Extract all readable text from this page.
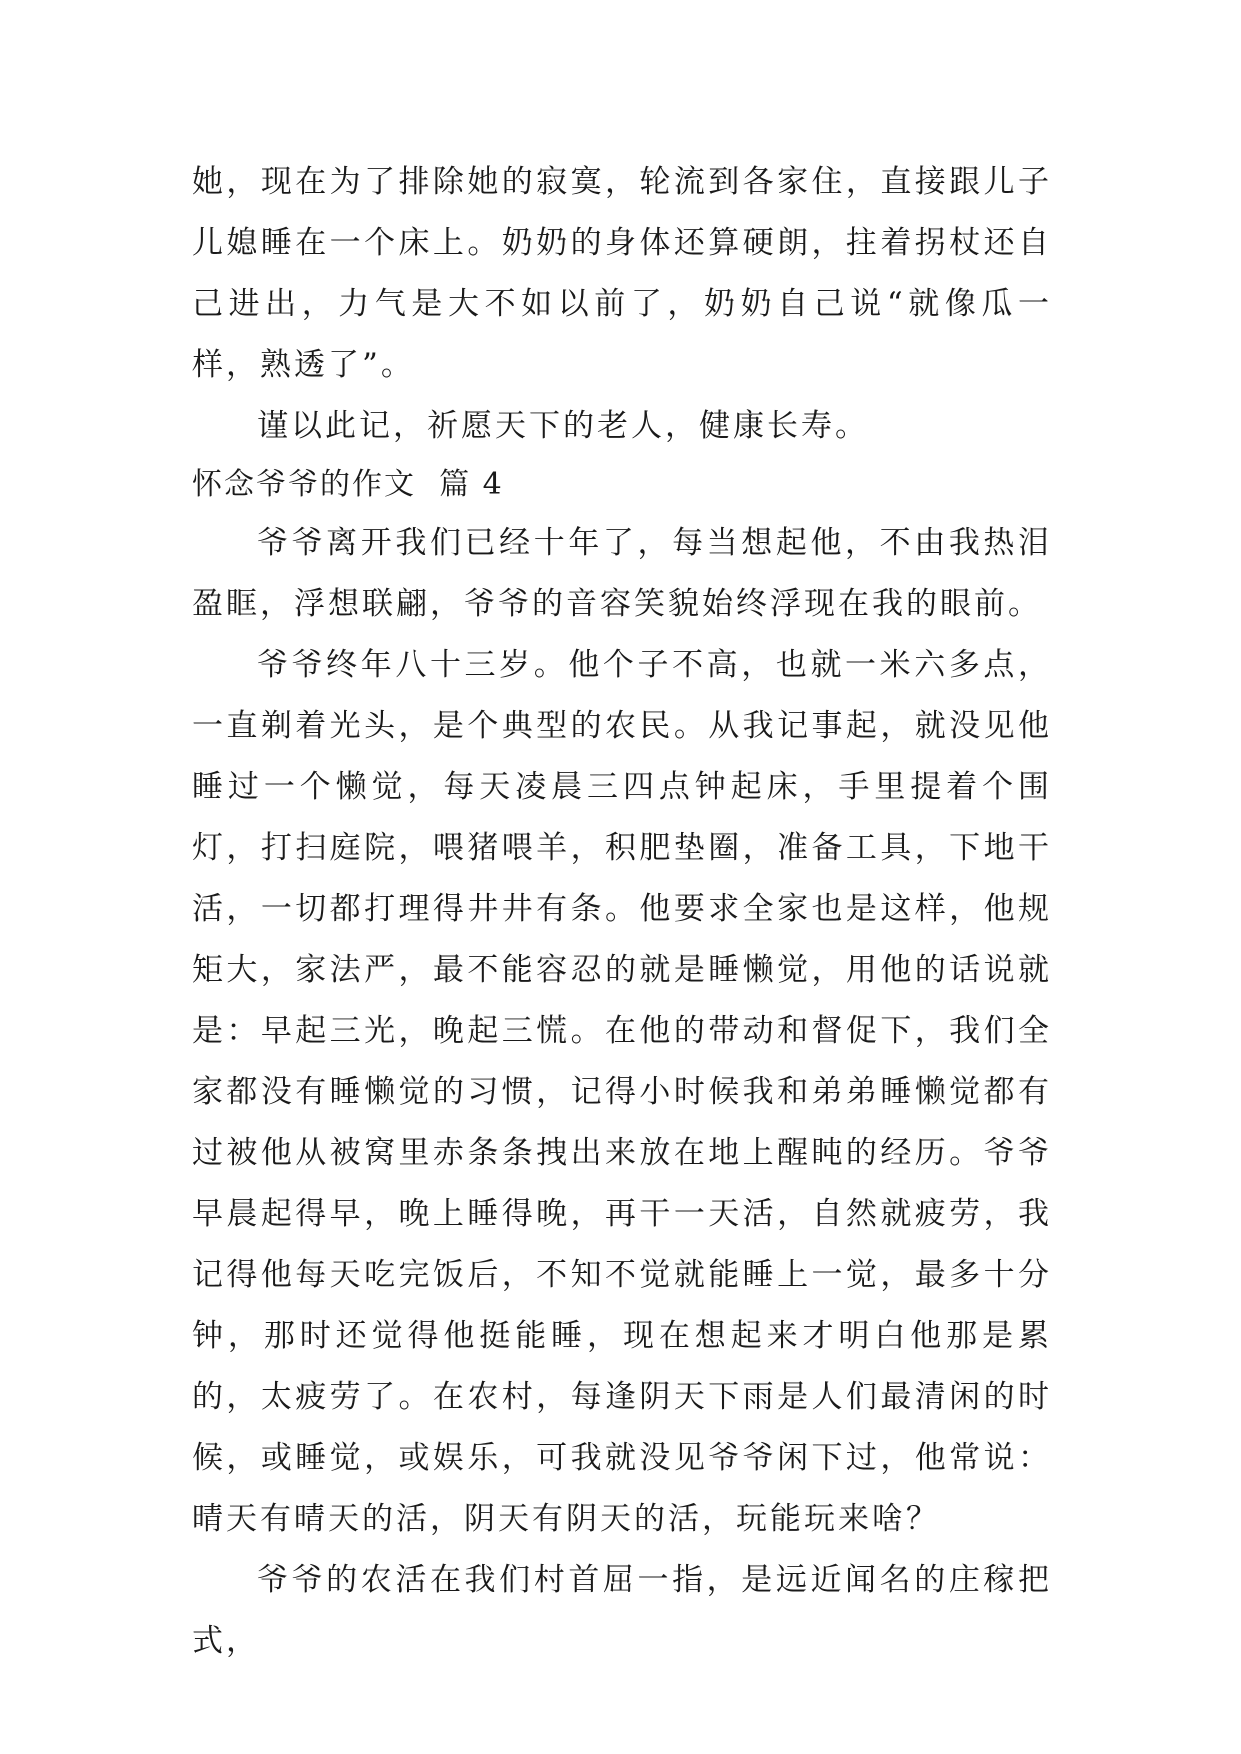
她，现在为了排除她的寂寞，轮流到各家住，直接跟儿子儿媳睡在一个床上。奶奶的身体还算硬朗，拄着拐杖还自己进出，力气是大不如以前了，奶奶自己说“就像瓜一样，熟透了”。

谨以此记，祈愿天下的老人，健康长寿。

怀念爷爷的作文  篇 4

爷爷离开我们已经十年了，每当想起他，不由我热泪盈眶，浮想联翩，爷爷的音容笑貌始终浮现在我的眼前。

爷爷终年八十三岁。他个子不高，也就一米六多点，一直剃着光头，是个典型的农民。从我记事起，就没见他睡过一个懒觉，每天凌晨三四点钟起床，手里提着个围灯，打扫庭院，喂猪喂羊，积肥垫圈，准备工具，下地干活，一切都打理得井井有条。他要求全家也是这样，他规矩大，家法严，最不能容忍的就是睡懒觉，用他的话说就是：早起三光，晚起三慌。在他的带动和督促下，我们全家都没有睡懒觉的习惯，记得小时候我和弟弟睡懒觉都有过被他从被窝里赤条条拽出来放在地上醒盹的经历。爷爷早晨起得早，晚上睡得晚，再干一天活，自然就疲劳，我记得他每天吃完饭后，不知不觉就能睡上一觉，最多十分钟，那时还觉得他挺能睡，现在想起来才明白他那是累的，太疲劳了。在农村，每逢阴天下雨是人们最清闲的时候，或睡觉，或娱乐，可我就没见爷爷闲下过，他常说：晴天有晴天的活，阴天有阴天的活，玩能玩来啥？

爷爷的农活在我们村首屈一指，是远近闻名的庄稼把式，
